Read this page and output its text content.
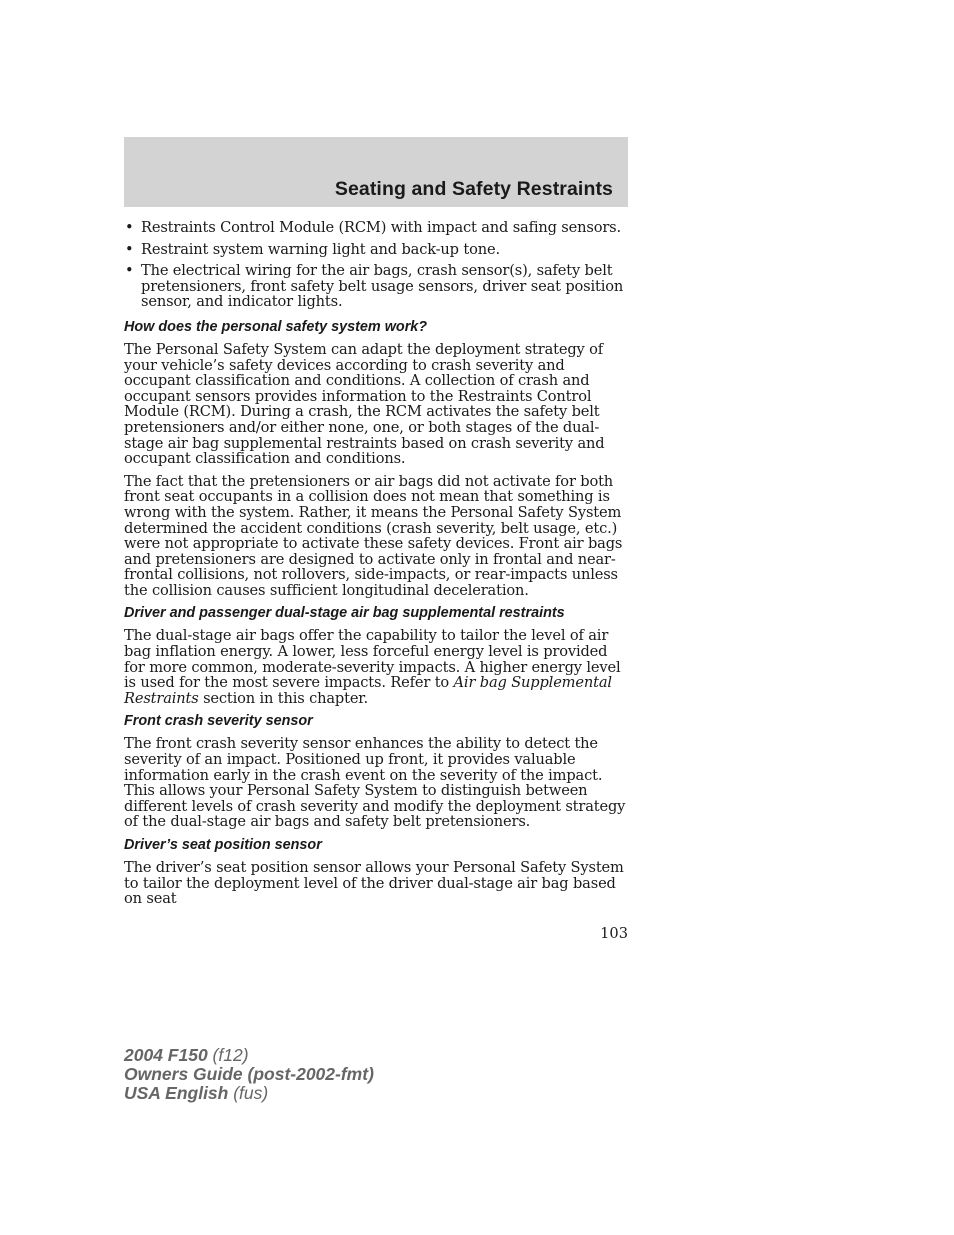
Seating and Safety Restraints
• Restraints Control Module (RCM) with impact and safing sensors.
• Restraint system warning light and back-up tone.
• The electrical wiring for the air bags, crash sensor(s), safety belt pretensioners, front safety belt usage sensors, driver seat position sensor, and indicator lights.
How does the personal safety system work?

The Personal Safety System can adapt the deployment strategy of your vehicle’s safety devices according to crash severity and occupant classification and conditions. A collection of crash and occupant sensors provides information to the Restraints Control Module (RCM). During a crash, the RCM activates the safety belt pretensioners and/or either none, one, or both stages of the dual-stage air bag supplemental restraints based on crash severity and occupant classification and conditions.

The fact that the pretensioners or air bags did not activate for both front seat occupants in a collision does not mean that something is wrong with the system. Rather, it means the Personal Safety System determined the accident conditions (crash severity, belt usage, etc.) were not appropriate to activate these safety devices. Front air bags and pretensioners are designed to activate only in frontal and near-frontal collisions, not rollovers, side-impacts, or rear-impacts unless the collision causes sufficient longitudinal deceleration.

Driver and passenger dual-stage air bag supplemental restraints

The dual-stage air bags offer the capability to tailor the level of air bag inflation energy. A lower, less forceful energy level is provided for more common, moderate-severity impacts. A higher energy level is used for the most severe impacts. Refer to Air bag Supplemental Restraints section in this chapter.

Front crash severity sensor

The front crash severity sensor enhances the ability to detect the severity of an impact. Positioned up front, it provides valuable information early in the crash event on the severity of the impact. This allows your Personal Safety System to distinguish between different levels of crash severity and modify the deployment strategy of the dual-stage air bags and safety belt pretensioners.

Driver’s seat position sensor

The driver’s seat position sensor allows your Personal Safety System to tailor the deployment level of the driver dual-stage air bag based on seat

103
2004 F150 (f12)
Owners Guide (post-2002-fmt)
USA English (fus)
